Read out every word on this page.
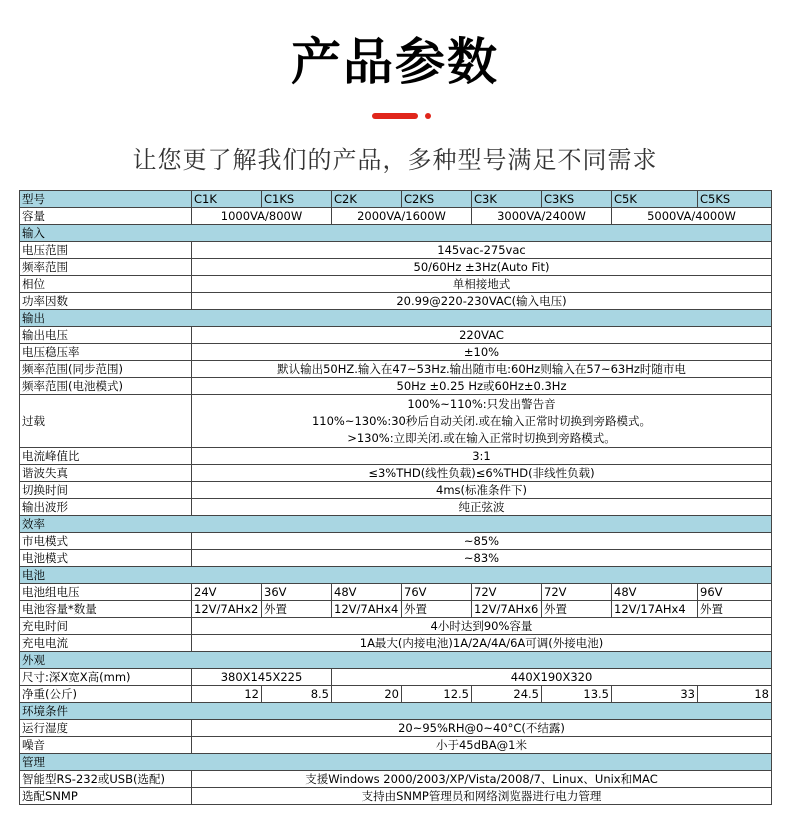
产品参数
让您更了解我们的产品，多种型号满足不同需求
型号	C1K	C1KS	C2K	C2KS	C3K	C3KS	C5K	C5KS
容量	1000VA/800W		2000VA/1600W		3000VA/2400W		5000VA/4000W	
输入								
电压范围	145vac-275vac							
频率范围	50/60Hz ±3Hz(Auto Fit)							
相位	单相接地式							
功率因数	20.99@220-230VAC(输入电压)							
输出								
输出电压	220VAC							
电压稳压率	±10%							
频率范围(同步范围)	默认输出50HZ.输入在47~53Hz.输出随市电:60Hz则输入在57~63Hz时随市电							
频率范围(电池模式)	50Hz ±0.25 Hz或60Hz±0.3Hz							
过载	100%~110%:只发出警告音
110%~130%:30秒后自动关闭.或在输入正常时切换到旁路模式。
>130%:立即关闭.或在输入正常时切换到旁路模式。							

电流峰值比	3:1							
谐波失真	≤3%THD(线性负载)≤6%THD(非线性负载)							
切换时间	4ms(标准条件下)							
输出波形	纯正弦波							
效率								
市电模式	~85%							
电池模式	~83%							
电池								
电池组电压	24V	36V	48V	76V	72V	72V	48V	96V
电池容量*数量	12V/7AHx2	外置	12V/7AHx4	外置	12V/7AHx6	外置	12V/17AHx4	外置
充电时间	4小时达到90%容量							
充电电流	1A最大(内接电池)1A/2A/4A/6A可调(外接电池)							
外观								
尺寸:深X宽X高(mm)	380X145X225		440X190X320					
净重(公斤)	12	8.5	20	12.5	24.5	13.5	33	18
环境条件								
运行湿度	20~95%RH@0~40°C(不结露)							
噪音	小于45dBA@1米							
管理								
智能型RS-232或USB(选配)	支援Windows 2000/2003/XP/Vista/2008/7、Linux、Unix和MAC							
选配SNMP	支持由SNMP管理员和网络浏览器进行电力管理							
